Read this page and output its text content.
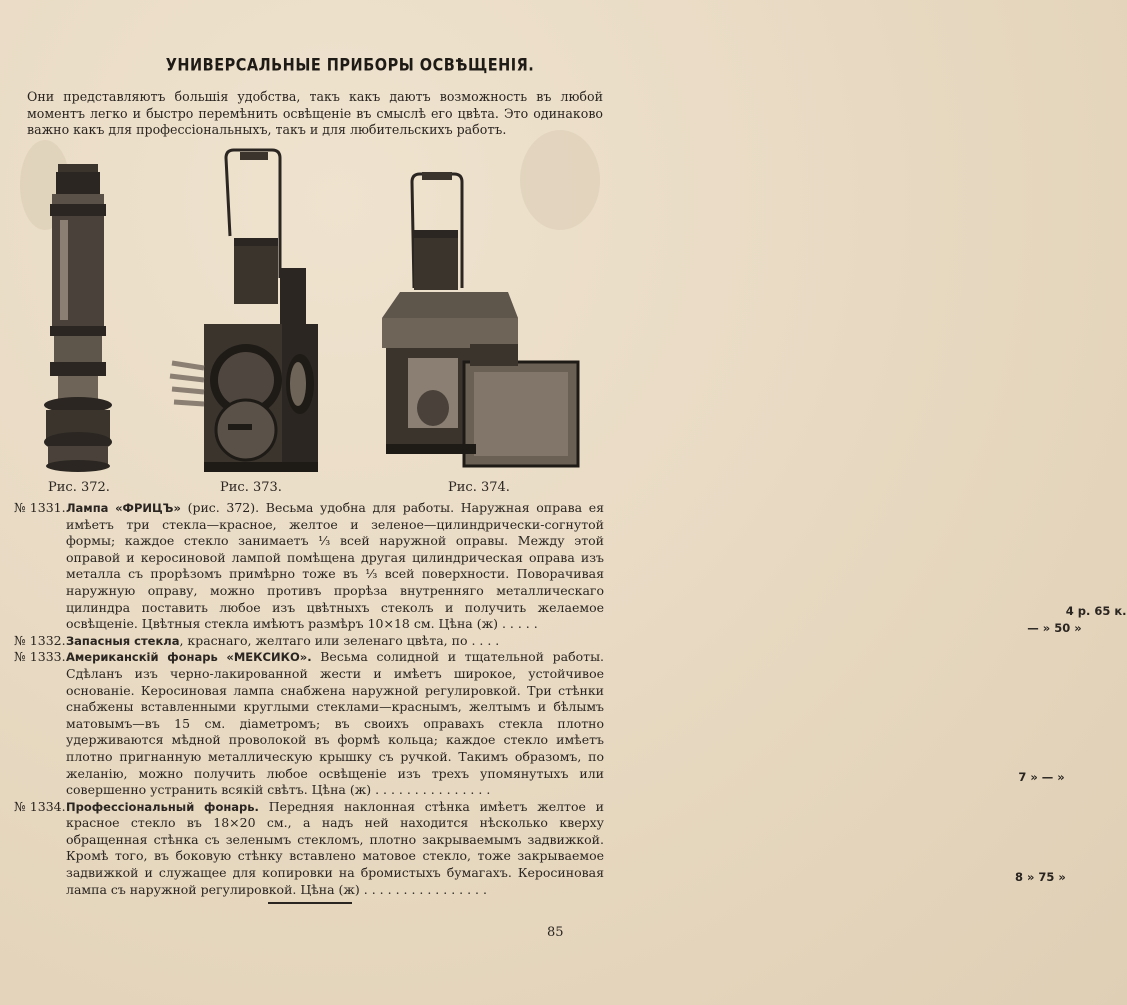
УНИВЕРСАЛЬНЫЕ ПРИБОРЫ ОСВѢЩЕНІЯ.
Они представляютъ большія удобства, такъ какъ даютъ возможность въ любой моментъ легко и быстро перемѣнить освѣщеніе въ смыслѣ его цвѣта. Это одинаково важно какъ для профессіональныхъ, такъ и для любительскихъ работъ.
Рис. 372.	Рис. 373.	Рис. 374.
№ 1331. Лампа «ФРИЦЪ» (рис. 372). Весьма удобна для работы. Наружная оправа ея имѣетъ три стекла—красное, желтое и зеленое—цилиндрически-согнутой формы; каждое стекло занимаетъ ⅓ всей наружной оправы. Между этой оправой и керосиновой лампой помѣщена другая цилиндрическая оправа изъ металла съ прорѣзомъ примѣрно тоже въ ⅓ всей поверхности. Поворачивая наружную оправу, можно противъ прорѣза внутренняго металлическаго цилиндра поставить любое изъ цвѣтныхъ стеколъ и получить желаемое освѣщеніе. Цвѣтныя стекла имѣютъ размѣръ 10×18 см. Цѣна (ж) . . . . .
4 р. 65 к.
№ 1332. Запасныя стекла, краснаго, желтаго или зеленаго цвѣта, по . . . .
— » 50 »
№ 1333. Американскій фонарь «МЕКСИКО». Весьма солидной и тщательной работы. Сдѣланъ изъ черно-лакированной жести и имѣетъ широкое, устойчивое основаніе. Керосиновая лампа снабжена наружной регулировкой. Три стѣнки снабжены вставленными круглыми стеклами—краснымъ, желтымъ и бѣлымъ матовымъ—въ 15 см. діаметромъ; въ своихъ оправахъ стекла плотно удерживаются мѣдной проволокой въ формѣ кольца; каждое стекло имѣетъ плотно пригнанную металлическую крышку съ ручкой. Такимъ образомъ, по желанію, можно получить любое освѣщеніе изъ трехъ упомянутыхъ или совершенно устранить всякій свѣтъ. Цѣна (ж) . . . . . . . . . . . . . . .
7 » — »
№ 1334. Профессіональный фонарь. Передняя наклонная стѣнка имѣетъ желтое и красное стекло въ 18×20 см., а надъ ней находится нѣсколько кверху обращенная стѣнка съ зеленымъ стекломъ, плотно закрываемымъ задвижкой. Кромѣ того, въ боковую стѣнку вставлено матовое стекло, тоже закрываемое задвижкой и служащее для копировки на бромистыхъ бумагахъ. Керосиновая лампа съ наружной регулировкой. Цѣна (ж) . . . . . . . . . . . . . . . .
8 » 75 »
85
